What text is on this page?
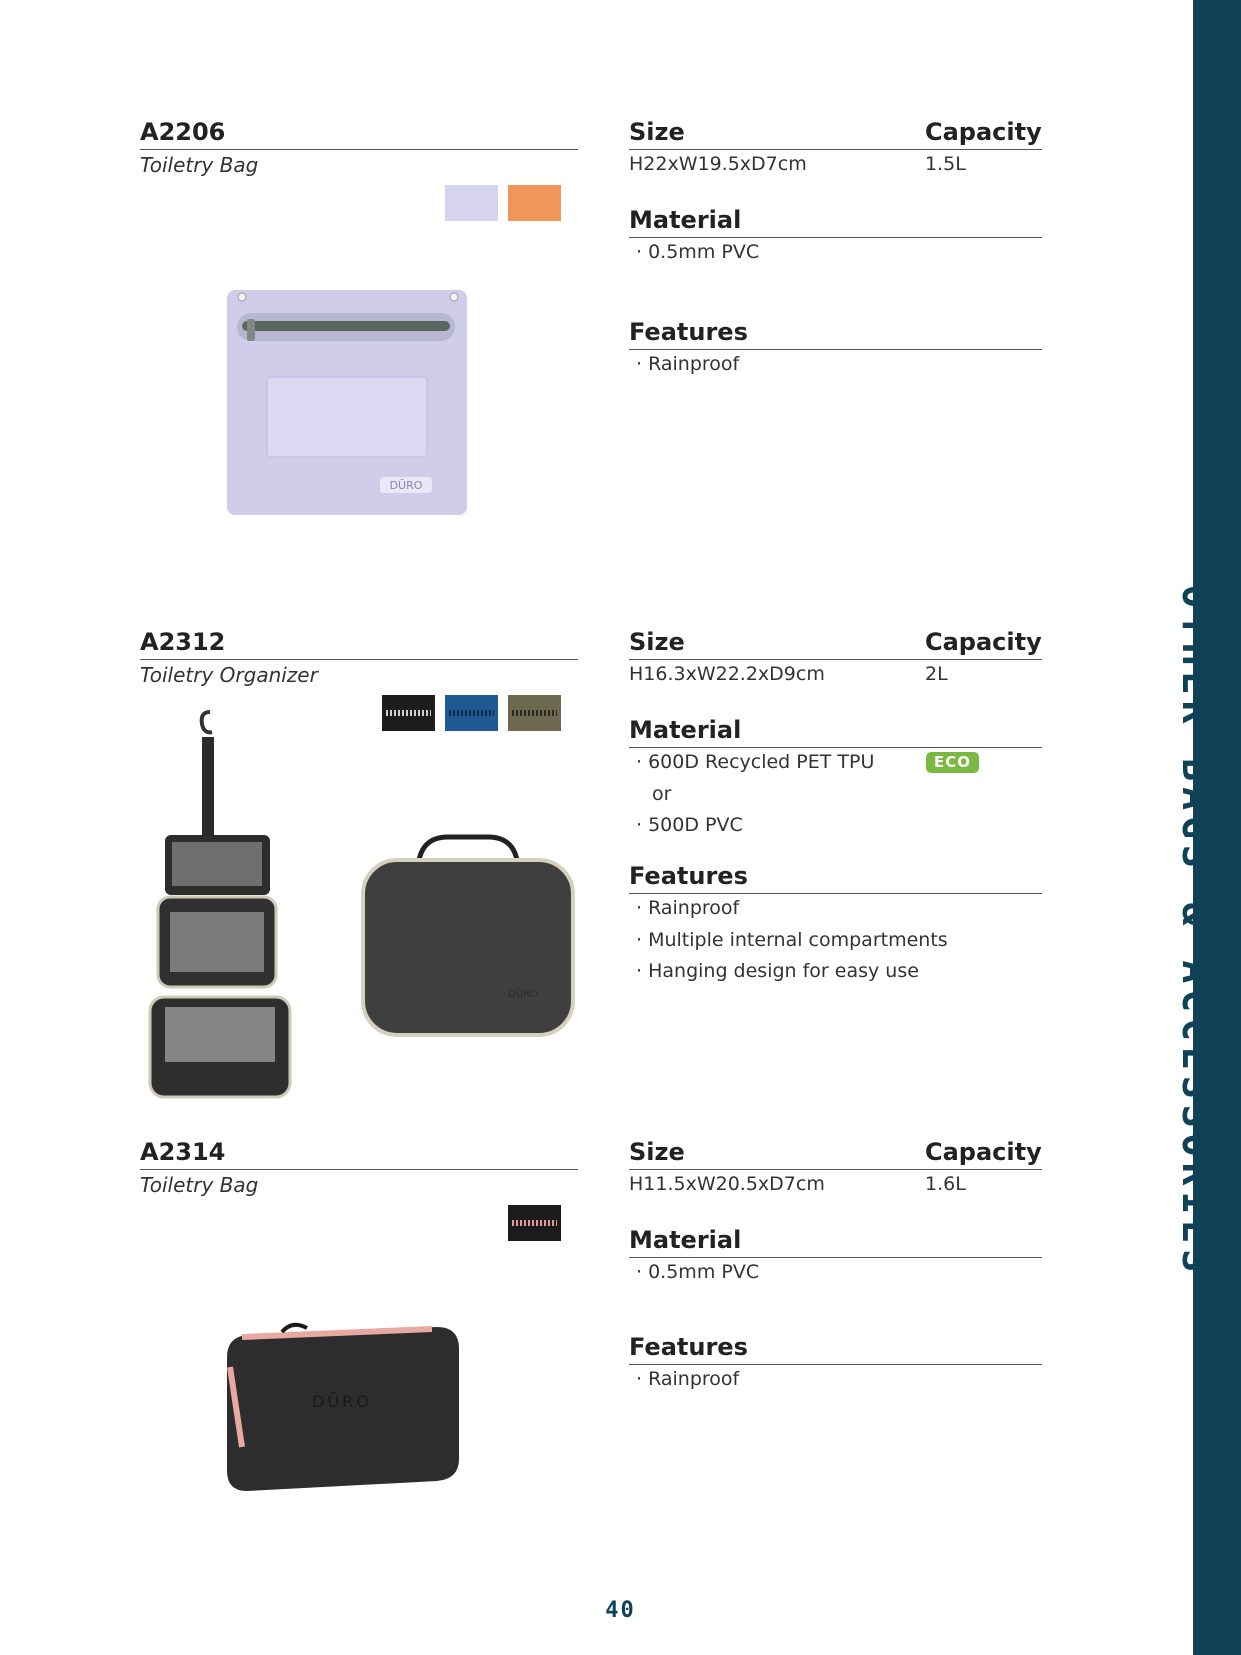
OTHER BAGS & ACCESSORIES
A2206
Toiletry Bag
DŪRO
Size	Capacity
H22xW19.5xD7cm	1.5L
Material
· 0.5mm PVC
Features
· Rainproof
A2312
Toiletry Organizer
DŪRO
Size	Capacity
H16.3xW22.2xD9cm	2L
Material
· 600D Recycled PET TPU
or
· 500D PVC
ECO
Features
· Rainproof
· Multiple internal compartments
· Hanging design for easy use
A2314
Toiletry Bag
DŪRO
Size	Capacity
H11.5xW20.5xD7cm	1.6L
Material
· 0.5mm PVC
Features
· Rainproof
40
